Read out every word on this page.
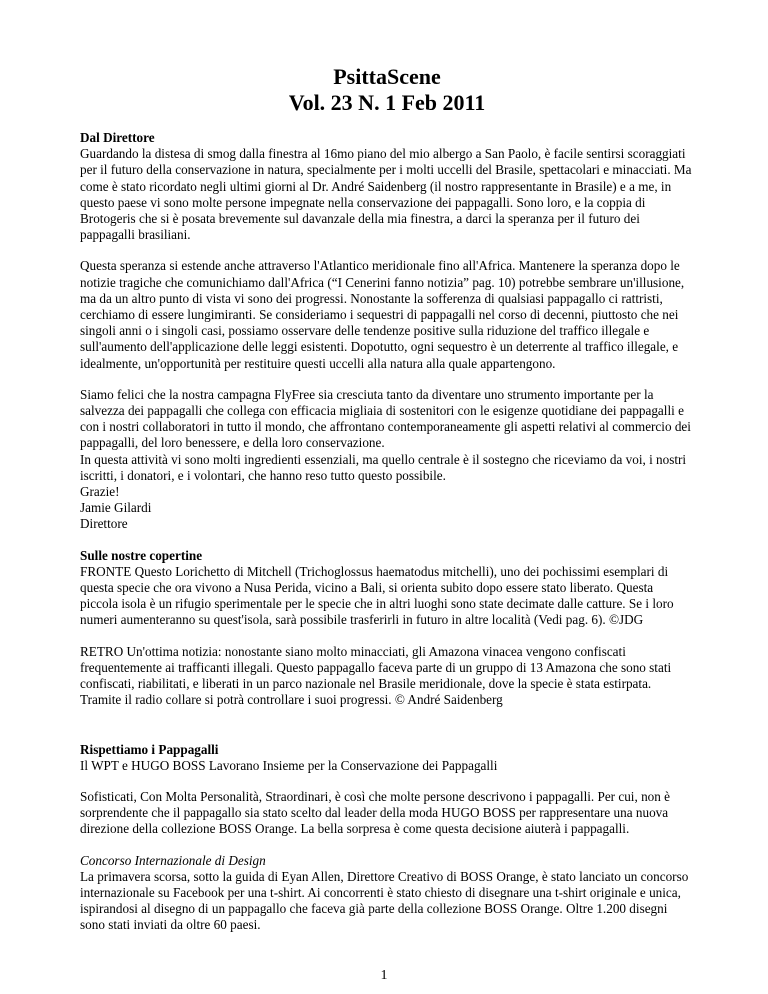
PsittaScene
Vol. 23 N. 1 Feb 2011

Dal Direttore
Guardando la distesa di smog dalla finestra al 16mo piano del mio albergo a San Paolo, è facile sentirsi scoraggiati per il futuro della conservazione in natura, specialmente per i molti uccelli del Brasile, spettacolari e minacciati. Ma come è stato ricordato negli ultimi giorni al Dr. André Saidenberg (il nostro rappresentante in Brasile) e a me, in questo paese vi sono molte persone impegnate nella conservazione dei pappagalli. Sono loro, e la coppia di Brotogeris che si è posata brevemente sul davanzale della mia finestra, a darci la speranza per il futuro dei pappagalli brasiliani.

Questa speranza si estende anche attraverso l'Atlantico meridionale fino all'Africa. Mantenere la speranza dopo le notizie tragiche che comunichiamo dall'Africa (“I Cenerini fanno notizia” pag. 10) potrebbe sembrare un'illusione, ma da un altro punto di vista vi sono dei progressi. Nonostante la sofferenza di qualsiasi pappagallo ci rattristi, cerchiamo di essere lungimiranti. Se consideriamo i sequestri di pappagalli nel corso di decenni, piuttosto che nei singoli anni o i singoli casi, possiamo osservare delle tendenze positive sulla riduzione del traffico illegale e sull'aumento dell'applicazione delle leggi esistenti. Dopotutto, ogni sequestro è un deterrente al traffico illegale, e idealmente, un'opportunità per restituire questi uccelli alla natura alla quale appartengono.

Siamo felici che la nostra campagna FlyFree sia cresciuta tanto da diventare uno strumento importante per la salvezza dei pappagalli che collega con efficacia migliaia di sostenitori con le esigenze quotidiane dei pappagalli e con i nostri collaboratori in tutto il mondo, che affrontano contemporaneamente gli aspetti relativi al commercio dei pappagalli, del loro benessere, e della loro conservazione.
In questa attività vi sono molti ingredienti essenziali, ma quello centrale è il sostegno che riceviamo da voi, i nostri iscritti, i donatori, e i volontari, che hanno reso tutto questo possibile.
Grazie!
Jamie Gilardi
Direttore

Sulle nostre copertine
FRONTE Questo Lorichetto di Mitchell (Trichoglossus haematodus mitchelli), uno dei pochissimi esemplari di questa specie che ora vivono a Nusa Perida, vicino a Bali, si orienta subito dopo essere stato liberato. Questa piccola isola è un rifugio sperimentale per le specie che in altri luoghi sono state decimate dalle catture. Se i loro numeri aumenteranno su quest'isola, sarà possibile trasferirli in futuro in altre località (Vedi pag. 6). ©JDG

RETRO Un'ottima notizia: nonostante siano molto minacciati, gli Amazona vinacea vengono confiscati frequentemente ai trafficanti illegali. Questo pappagallo faceva parte di un gruppo di 13 Amazona che sono stati confiscati, riabilitati, e liberati in un parco nazionale nel Brasile meridionale, dove la specie è stata estirpata. Tramite il radio collare si potrà controllare i suoi progressi. © André Saidenberg

Rispettiamo i Pappagalli
Il WPT e HUGO BOSS Lavorano Insieme per la Conservazione dei Pappagalli

Sofisticati, Con Molta Personalità, Straordinari, è così che molte persone descrivono i pappagalli. Per cui, non è sorprendente che il pappagallo sia stato scelto dal leader della moda HUGO BOSS per rappresentare una nuova direzione della collezione BOSS Orange. La bella sorpresa è come questa decisione aiuterà i pappagalli.

Concorso Internazionale di Design
La primavera scorsa, sotto la guida di Eyan Allen, Direttore Creativo di BOSS Orange, è stato lanciato un concorso internazionale su Facebook per una t-shirt. Ai concorrenti è stato chiesto di disegnare una t-shirt originale e unica, ispirandosi al disegno di un pappagallo che faceva già parte della collezione BOSS Orange. Oltre 1.200 disegni sono stati inviati da oltre 60 paesi.

1
